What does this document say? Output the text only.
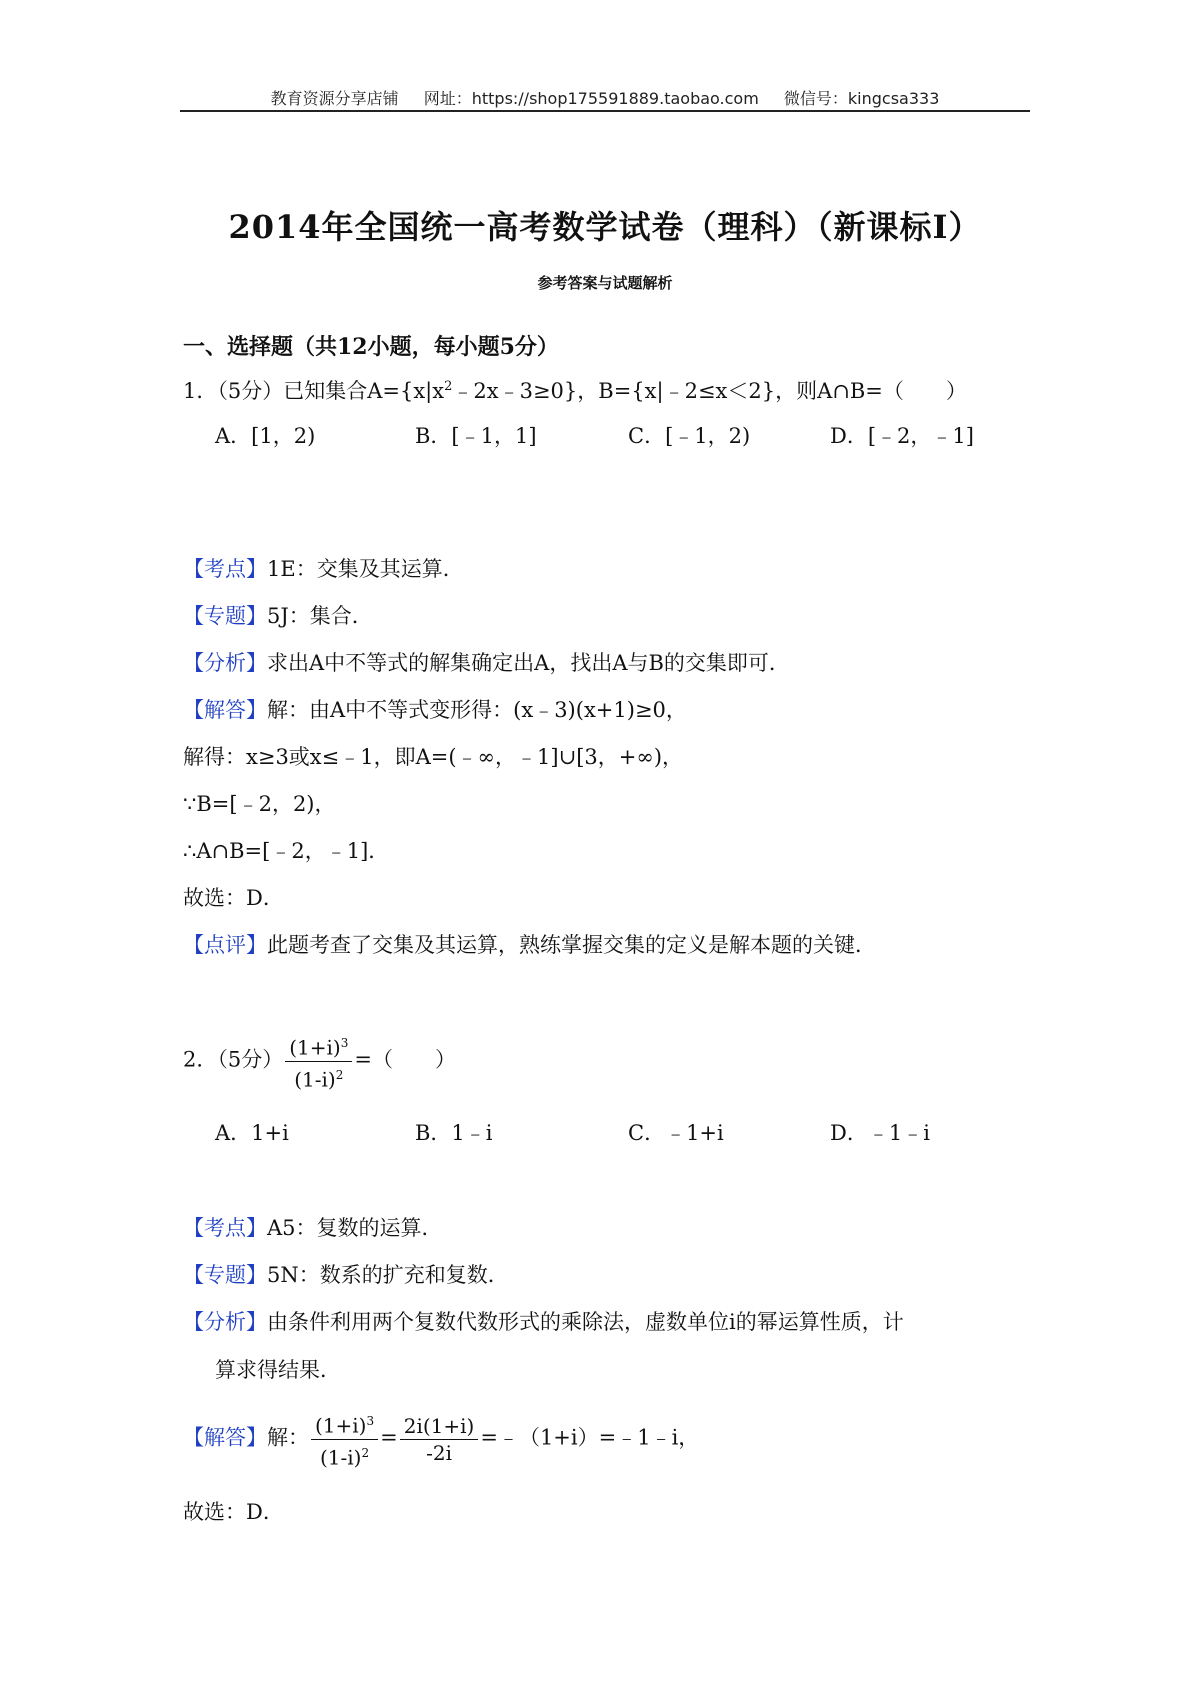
教育资源分享店铺 网址：https://shop175591889.taobao.com 微信号：kingcsa333
2014年全国统一高考数学试卷（理科）（新课标Ⅰ）
参考答案与试题解析
一、选择题（共12小题，每小题5分）
1．（5分）已知集合$A=\{x|x^2﹣2x﹣3\ge 0\}$，B={x|﹣2≤x＜2}，则A∩B=（　　）
A．[1，2)	B．[﹣1，1]	C．[﹣1，2)	D．[﹣2，﹣1]
【考点】1E：交集及其运算．
【专题】5J：集合．
【分析】求出A中不等式的解集确定出A，找出A与B的交集即可．
【解答】解：由A中不等式变形得：(x﹣3)(x+1)≥0，
解得：x≥3或x≤﹣1，即A=(﹣∞，﹣1]∪[3，+∞)，
∵B=[﹣2，2)，
∴A∩B=[﹣2，﹣1]．
故选：D．
【点评】此题考查了交集及其运算，熟练掌握交集的定义是解本题的关键．
2．（5分） $\frac{(1+i)^3}{(1-i)^2}$ =（　　）
A．1+i	B．1﹣i	C．﹣1+i	D．﹣1﹣i
【考点】A5：复数的运算．
【专题】5N：数系的扩充和复数．
【分析】由条件利用两个复数代数形式的乘除法，虚数单位i的幂运算性质，计
算求得结果．
【解答】解： $\frac{(1+i)^3}{(1-i)^2} = \frac{2i(1+i)}{-2i}$ =﹣（1+i）=﹣1﹣i，
故选：D．
